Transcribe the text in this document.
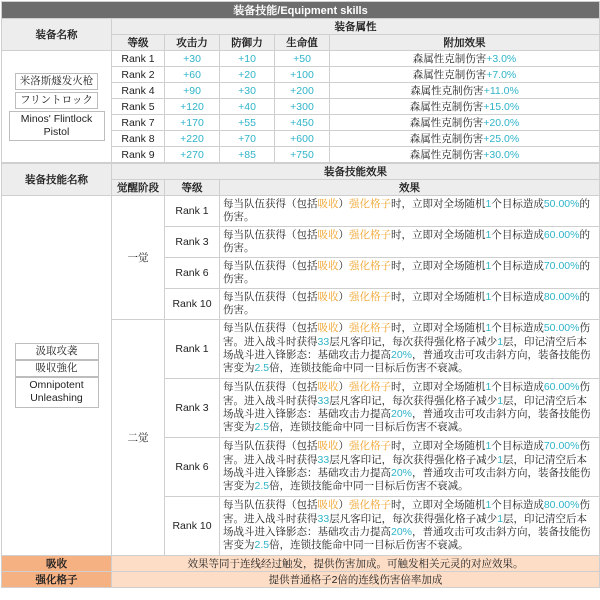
装备技能/Equipment skills					
装备名称	装备属性				
	等级	攻击力	防御力	生命值	附加效果
米洛斯燧发火枪
フリントロック
Minos' Flintlock Pistol	Rank 1	+30	+10	+50	森属性克制伤害+3.0%
	Rank 2	+60	+20	+100	森属性克制伤害+7.0%
	Rank 4	+90	+30	+200	森属性克制伤害+11.0%
	Rank 5	+120	+40	+300	森属性克制伤害+15.0%
	Rank 7	+170	+55	+450	森属性克制伤害+20.0%
	Rank 8	+220	+70	+600	森属性克制伤害+25.0%
	Rank 9	+270	+85	+750	森属性克制伤害+30.0%
装备技能名称	装备技能效果		
	觉醒阶段	等级	效果
汲取攻袭
吸収強化
Omnipotent Unleashing	一觉	Rank 1	每当队伍获得（包括吸收）强化格子时，立即对全场随机1个目标造成50.00%的伤害。
		Rank 3	每当队伍获得（包括吸收）强化格子时，立即对全场随机1个目标造成60.00%的伤害。
		Rank 6	每当队伍获得（包括吸收）强化格子时，立即对全场随机1个目标造成70.00%的伤害。
		Rank 10	每当队伍获得（包括吸收）强化格子时，立即对全场随机1个目标造成80.00%的伤害。
	二觉	Rank 1	每当队伍获得（包括吸收）强化格子时，立即对全场随机1个目标造成50.00%伤害。进入战斗时获得33层凡客印记，每次获得强化格子减少1层，印记清空后本场战斗进入锋影态：基础攻击力提高20%，普通攻击可攻击斜方向，装备技能伤害变为2.5倍，连锁技能命中同一目标后伤害不衰减。
		Rank 3	每当队伍获得（包括吸收）强化格子时，立即对全场随机1个目标造成60.00%伤害。进入战斗时获得33层凡客印记，每次获得强化格子减少1层，印记清空后本场战斗进入锋影态：基础攻击力提高20%，普通攻击可攻击斜方向，装备技能伤害变为2.5倍，连锁技能命中同一目标后伤害不衰减。
		Rank 6	每当队伍获得（包括吸收）强化格子时，立即对全场随机1个目标造成70.00%伤害。进入战斗时获得33层凡客印记，每次获得强化格子减少1层，印记清空后本场战斗进入锋影态：基础攻击力提高20%，普通攻击可攻击斜方向，装备技能伤害变为2.5倍，连锁技能命中同一目标后伤害不衰减。
		Rank 10	每当队伍获得（包括吸收）强化格子时，立即对全场随机1个目标造成80.00%伤害。进入战斗时获得33层凡客印记，每次获得强化格子减少1层，印记清空后本场战斗进入锋影态：基础攻击力提高20%，普通攻击可攻击斜方向，装备技能伤害变为2.5倍，连锁技能命中同一目标后伤害不衰减。
吸收	效果等同于连线经过触发，提供伤害加成。可触发相关元灵的对应效果。		
强化格子	提供普通格子2倍的连线伤害倍率加成		
